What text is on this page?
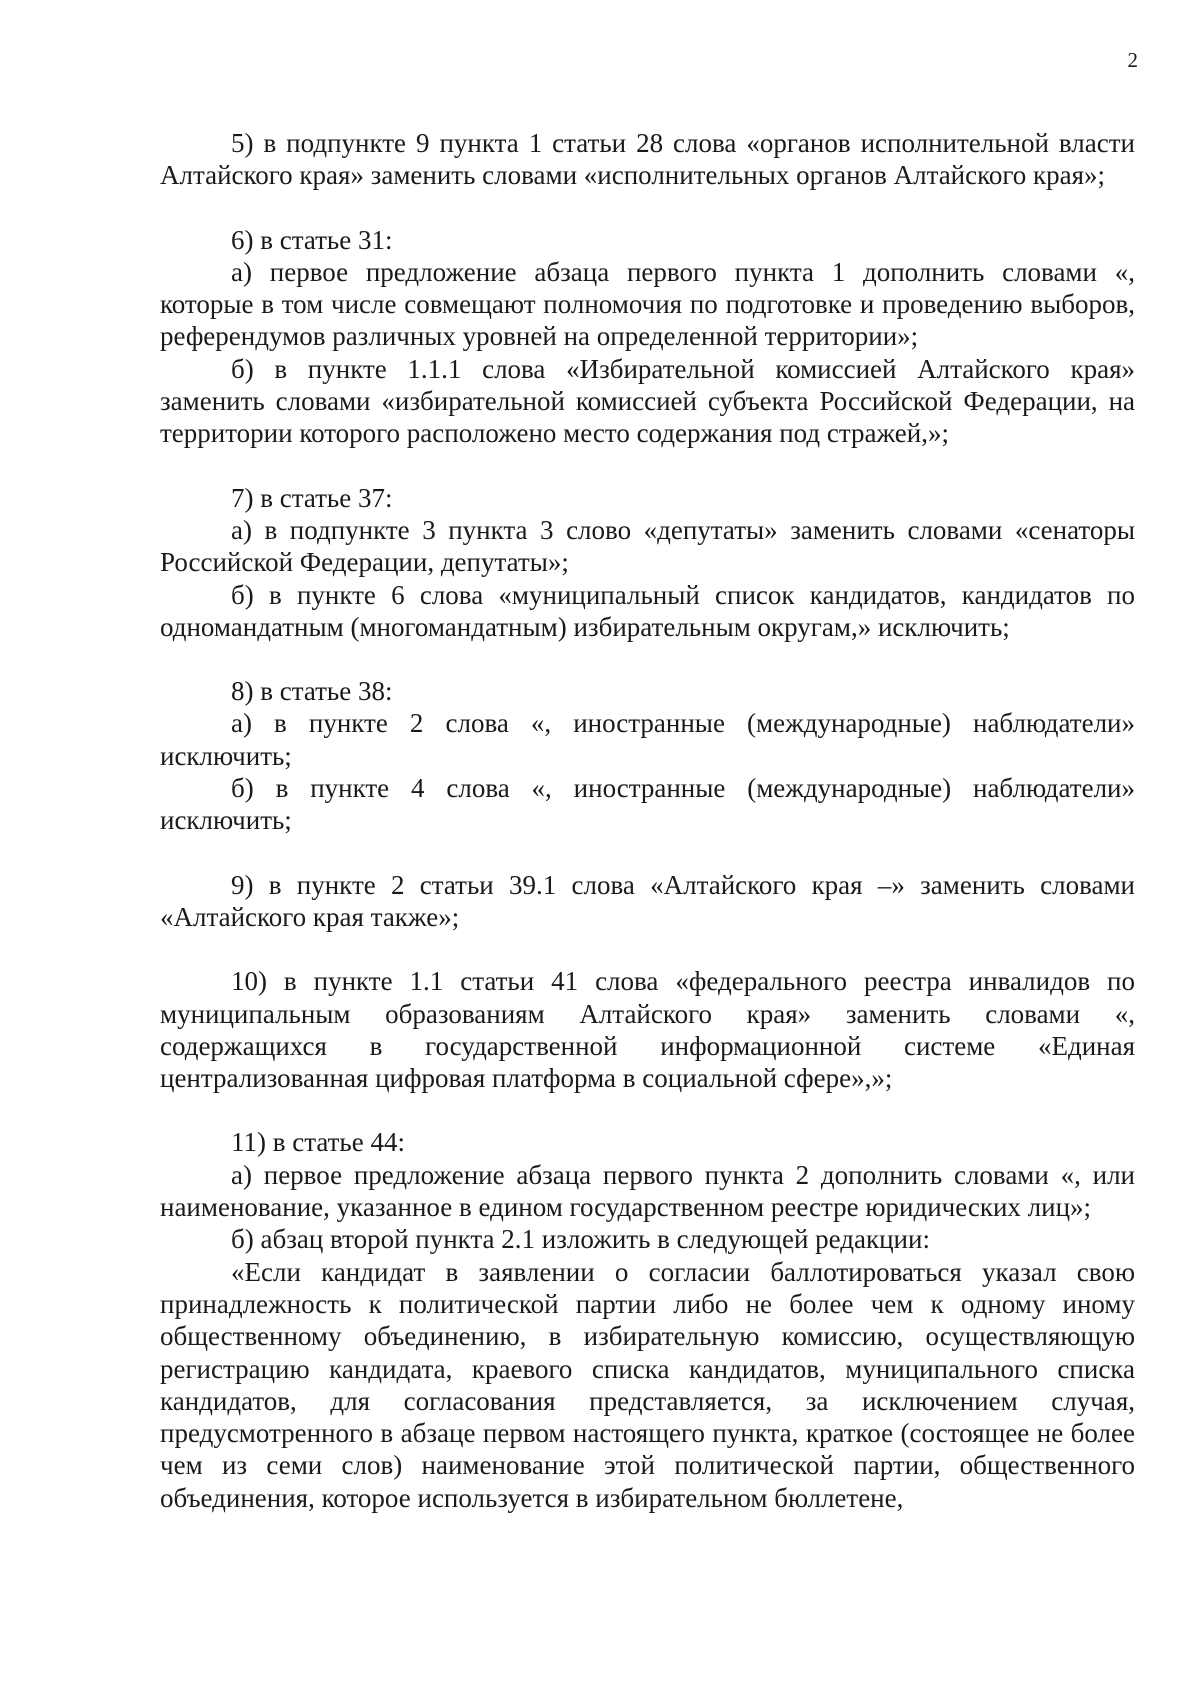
2

5) в подпункте 9 пункта 1 статьи 28 слова «органов исполнительной власти Алтайского края» заменить словами «исполнительных органов Алтайского края»;

6) в статье 31:

а) первое предложение абзаца первого пункта 1 дополнить словами «, которые в том числе совмещают полномочия по подготовке и проведению выборов, референдумов различных уровней на определенной территории»;

б) в пункте 1.1.1 слова «Избирательной комиссией Алтайского края» заменить словами «избирательной комиссией субъекта Российской Федерации, на территории которого расположено место содержания под стражей,»;

7) в статье 37:

а) в подпункте 3 пункта 3 слово «депутаты» заменить словами «сенаторы Российской Федерации, депутаты»;

б) в пункте 6 слова «муниципальный список кандидатов, кандидатов по одномандатным (многомандатным) избирательным округам,» исключить;

8) в статье 38:

а) в пункте 2 слова «, иностранные (международные) наблюдатели» исключить;

б) в пункте 4 слова «, иностранные (международные) наблюдатели» исключить;

9) в пункте 2 статьи 39.1 слова «Алтайского края –» заменить словами «Алтайского края также»;

10) в пункте 1.1 статьи 41 слова «федерального реестра инвалидов по муниципальным образованиям Алтайского края» заменить словами «, содержащихся в государственной информационной системе «Единая централизованная цифровая платформа в социальной сфере»,»;

11) в статье 44:

а) первое предложение абзаца первого пункта 2 дополнить словами «, или наименование, указанное в едином государственном реестре юридических лиц»;

б) абзац второй пункта 2.1 изложить в следующей редакции:

«Если кандидат в заявлении о согласии баллотироваться указал свою принадлежность к политической партии либо не более чем к одному иному общественному объединению, в избирательную комиссию, осуществляющую регистрацию кандидата, краевого списка кандидатов, муниципального списка кандидатов, для согласования представляется, за исключением случая, предусмотренного в абзаце первом настоящего пункта, краткое (состоящее не более чем из семи слов) наименование этой политической партии, общественного объединения, которое используется в избирательном бюллетене,
